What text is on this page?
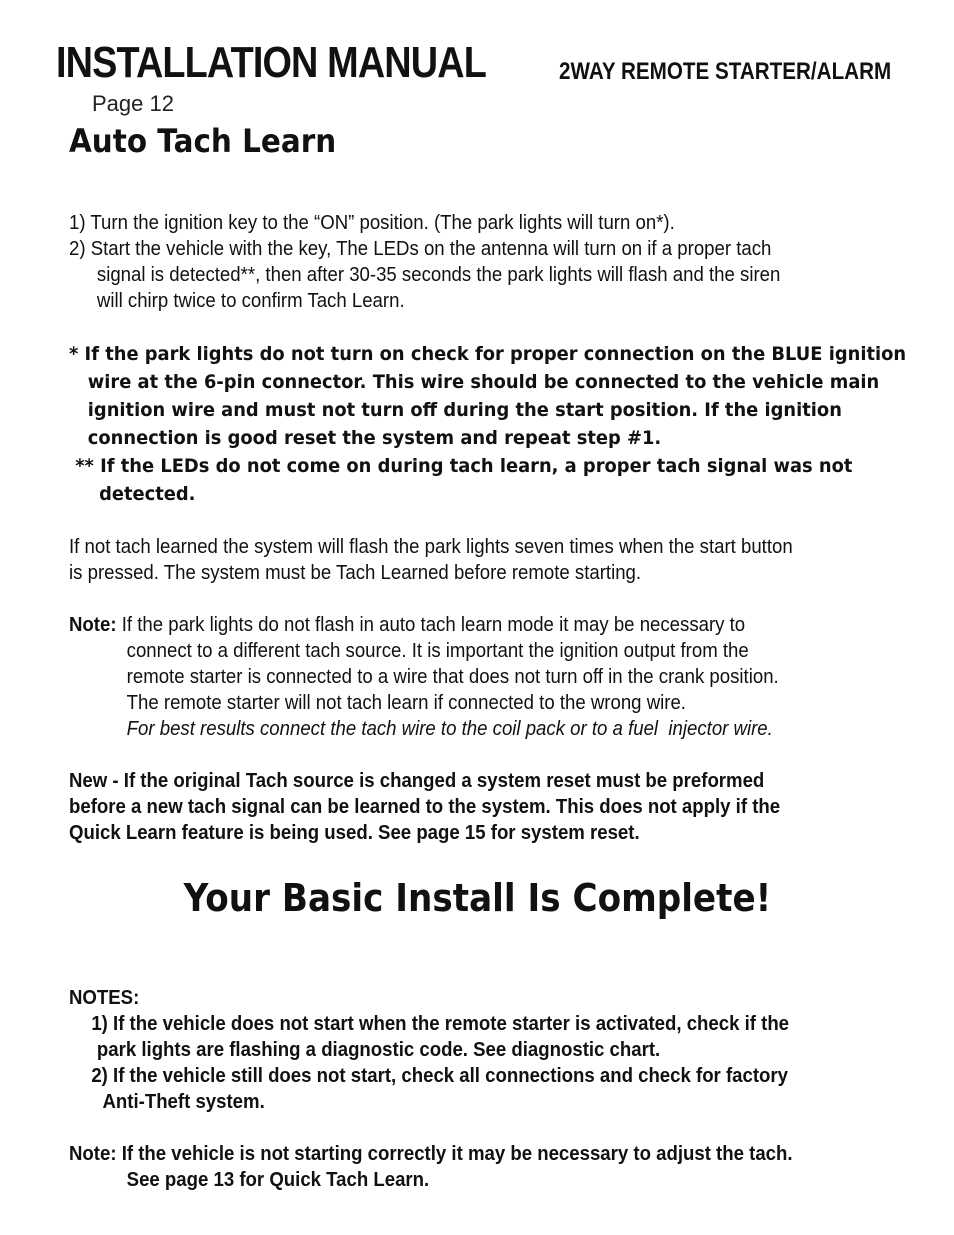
INSTALLATION MANUAL	2WAY REMOTE STARTER/ALARM
Page 12
Auto Tach Learn
1) Turn the ignition key to the “ON” position. (The park lights will turn on*).
2) Start the vehicle with the key, The LEDs on the antenna will turn on if a proper tach
signal is detected**, then after 30-35 seconds the park lights will flash and the siren
will chirp twice to confirm Tach Learn.
* If the park lights do not turn on check for proper connection on the BLUE ignition
wire at the 6-pin connector. This wire should be connected to the vehicle main
ignition wire and must not turn off during the start position. If the ignition
connection is good reset the system and repeat step #1.
** If the LEDs do not come on during tach learn, a proper tach signal was not
detected.
If not tach learned the system will flash the park lights seven times when the start button
is pressed. The system must be Tach Learned before remote starting.
Note: If the park lights do not flash in auto tach learn mode it may be necessary to
connect to a different tach source. It is important the ignition output from the
remote starter is connected to a wire that does not turn off in the crank position.
The remote starter will not tach learn if connected to the wrong wire.
For best results connect the tach wire to the coil pack or to a fuel  injector wire.
New - If the original Tach source is changed a system reset must be preformed
before a new tach signal can be learned to the system. This does not apply if the
Quick Learn feature is being used. See page 15 for system reset.
Your Basic Install Is Complete!
NOTES:
1) If the vehicle does not start when the remote starter is activated, check if the
park lights are flashing a diagnostic code. See diagnostic chart.
2) If the vehicle still does not start, check all connections and check for factory
Anti-Theft system.
Note: If the vehicle is not starting correctly it may be necessary to adjust the tach.
See page 13 for Quick Tach Learn.
